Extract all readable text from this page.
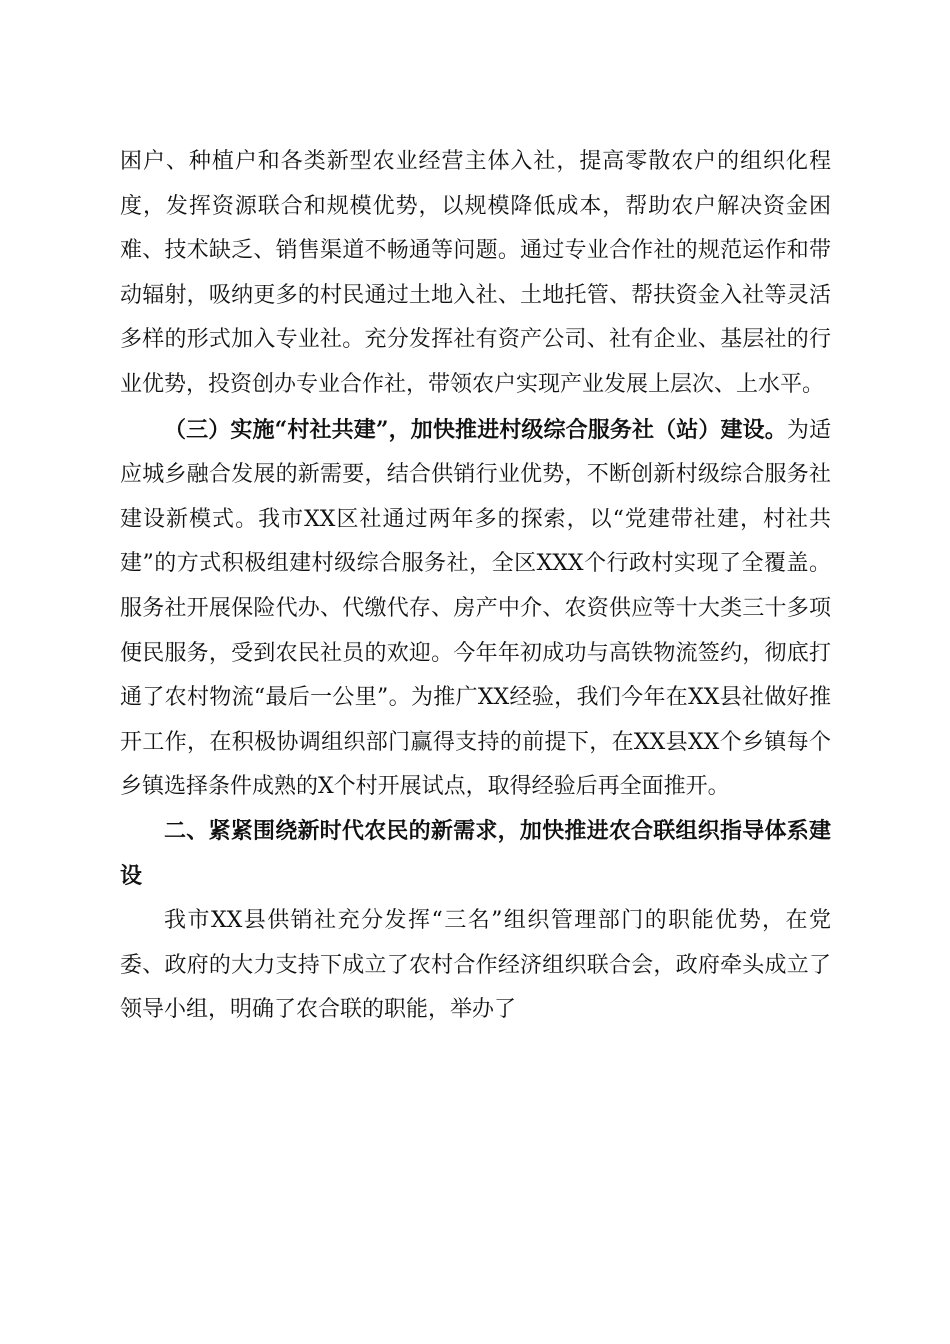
困户、种植户和各类新型农业经营主体入社，提高零散农户的组织化程度，发挥资源联合和规模优势，以规模降低成本，帮助农户解决资金困难、技术缺乏、销售渠道不畅通等问题。通过专业合作社的规范运作和带动辐射，吸纳更多的村民通过土地入社、土地托管、帮扶资金入社等灵活多样的形式加入专业社。充分发挥社有资产公司、社有企业、基层社的行业优势，投资创办专业合作社，带领农户实现产业发展上层次、上水平。

（三）实施“村社共建”，加快推进村级综合服务社（站）建设。为适应城乡融合发展的新需要，结合供销行业优势，不断创新村级综合服务社建设新模式。我市XX区社通过两年多的探索，以“党建带社建，村社共建”的方式积极组建村级综合服务社，全区XXX个行政村实现了全覆盖。服务社开展保险代办、代缴代存、房产中介、农资供应等十大类三十多项便民服务，受到农民社员的欢迎。今年年初成功与高铁物流签约，彻底打通了农村物流“最后一公里”。为推广XX经验，我们今年在XX县社做好推开工作，在积极协调组织部门赢得支持的前提下，在XX县XX个乡镇每个乡镇选择条件成熟的X个村开展试点，取得经验后再全面推开。

二、紧紧围绕新时代农民的新需求，加快推进农合联组织指导体系建设

我市XX县供销社充分发挥“三名”组织管理部门的职能优势，在党委、政府的大力支持下成立了农村合作经济组织联合会，政府牵头成立了领导小组，明确了农合联的职能，举办了
